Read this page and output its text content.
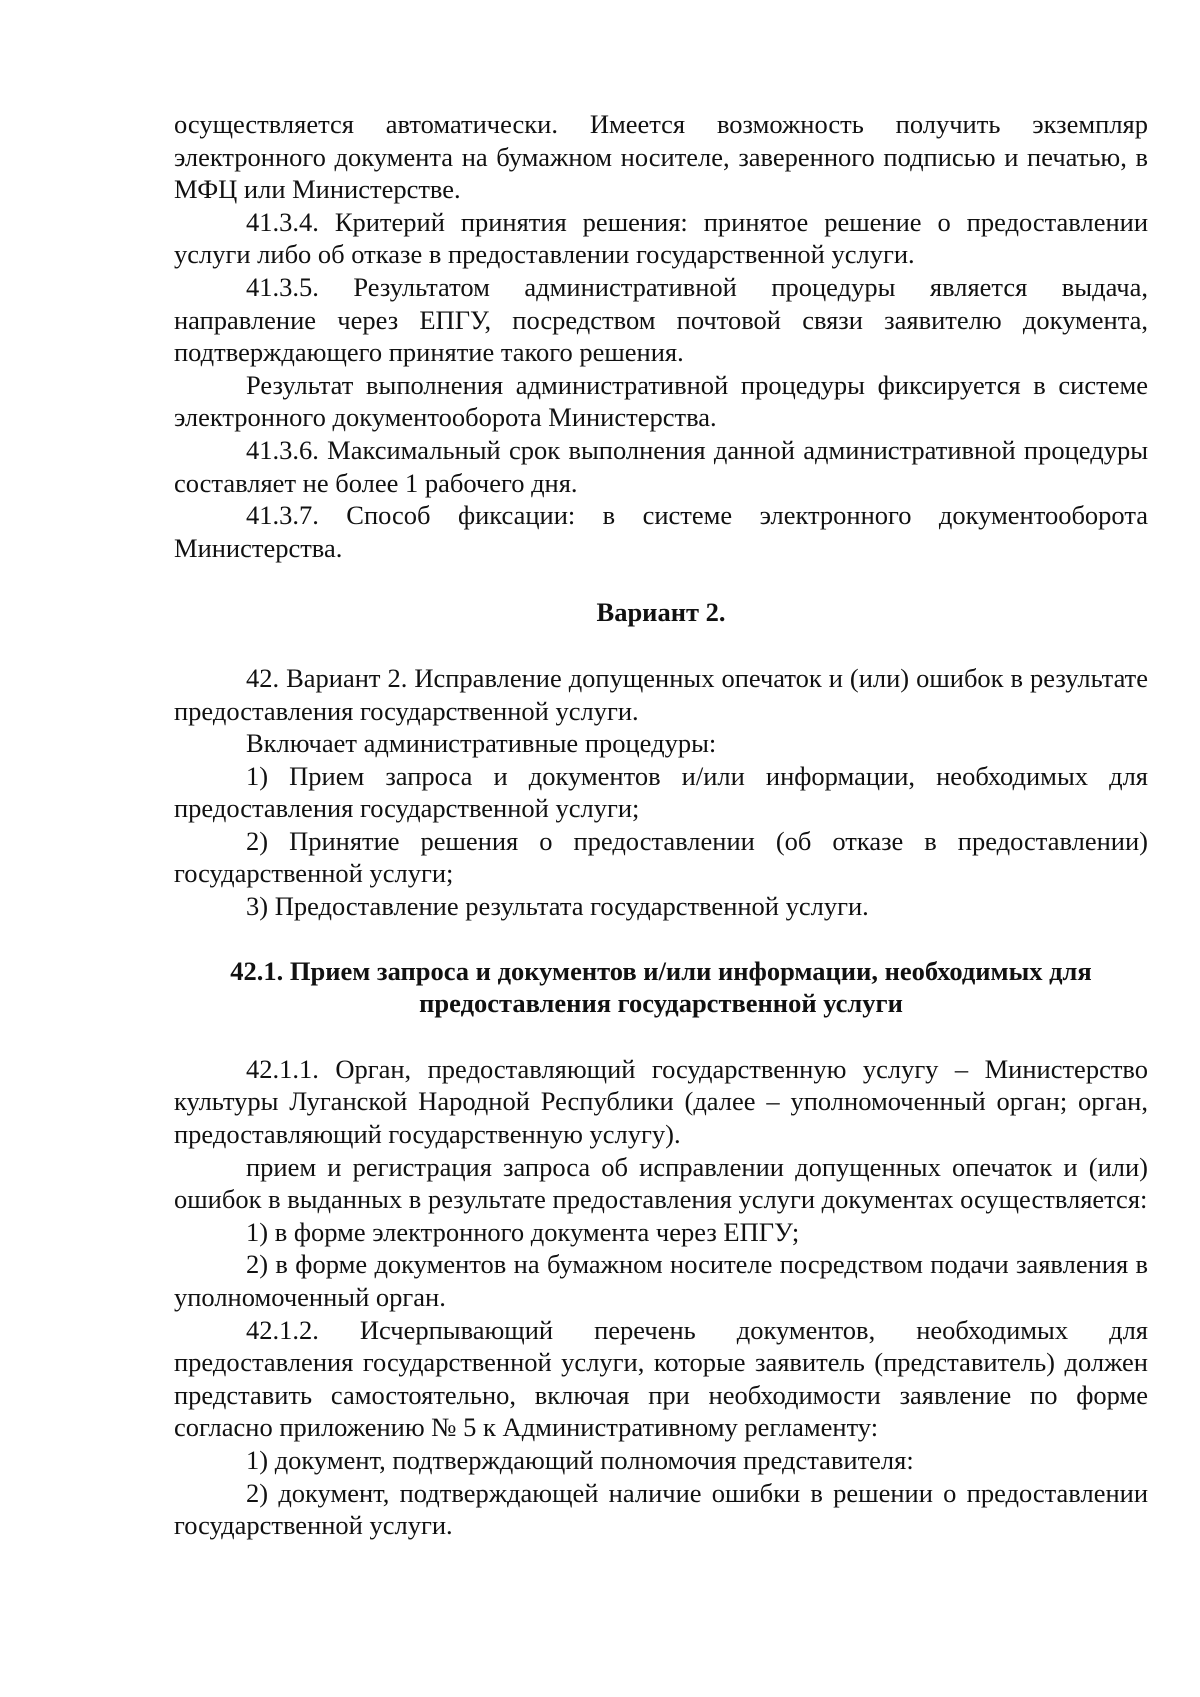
осуществляется автоматически. Имеется возможность получить экземпляр электронного документа на бумажном носителе, заверенного подписью и печатью, в МФЦ или Министерстве.

41.3.4. Критерий принятия решения: принятое решение о предоставлении услуги либо об отказе в предоставлении государственной услуги.

41.3.5. Результатом административной процедуры является выдача, направление через ЕПГУ, посредством почтовой связи заявителю документа, подтверждающего принятие такого решения.

Результат выполнения административной процедуры фиксируется в системе электронного документооборота Министерства.

41.3.6. Максимальный срок выполнения данной административной процедуры составляет не более 1 рабочего дня.

41.3.7. Способ фиксации: в системе электронного документооборота Министерства.

Вариант 2.

42. Вариант 2. Исправление допущенных опечаток и (или) ошибок в результате предоставления государственной услуги.

Включает административные процедуры:

1) Прием запроса и документов и/или информации, необходимых для предоставления государственной услуги;

2) Принятие решения о предоставлении (об отказе в предоставлении) государственной услуги;

3) Предоставление результата государственной услуги.

42.1. Прием запроса и документов и/или информации, необходимых для

предоставления государственной услуги

42.1.1. Орган, предоставляющий государственную услугу – Министерство культуры Луганской Народной Республики (далее – уполномоченный орган; орган, предоставляющий государственную услугу).

прием и регистрация запроса об исправлении допущенных опечаток и (или) ошибок в выданных в результате предоставления услуги документах осуществляется:

1) в форме электронного документа через ЕПГУ;

2) в форме документов на бумажном носителе посредством подачи заявления в уполномоченный орган.

42.1.2. Исчерпывающий перечень документов, необходимых для предоставления государственной услуги, которые заявитель (представитель) должен представить самостоятельно, включая при необходимости заявление по форме согласно приложению № 5 к Административному регламенту:

1) документ, подтверждающий полномочия представителя:

2) документ, подтверждающей наличие ошибки в решении о предоставлении государственной услуги.
